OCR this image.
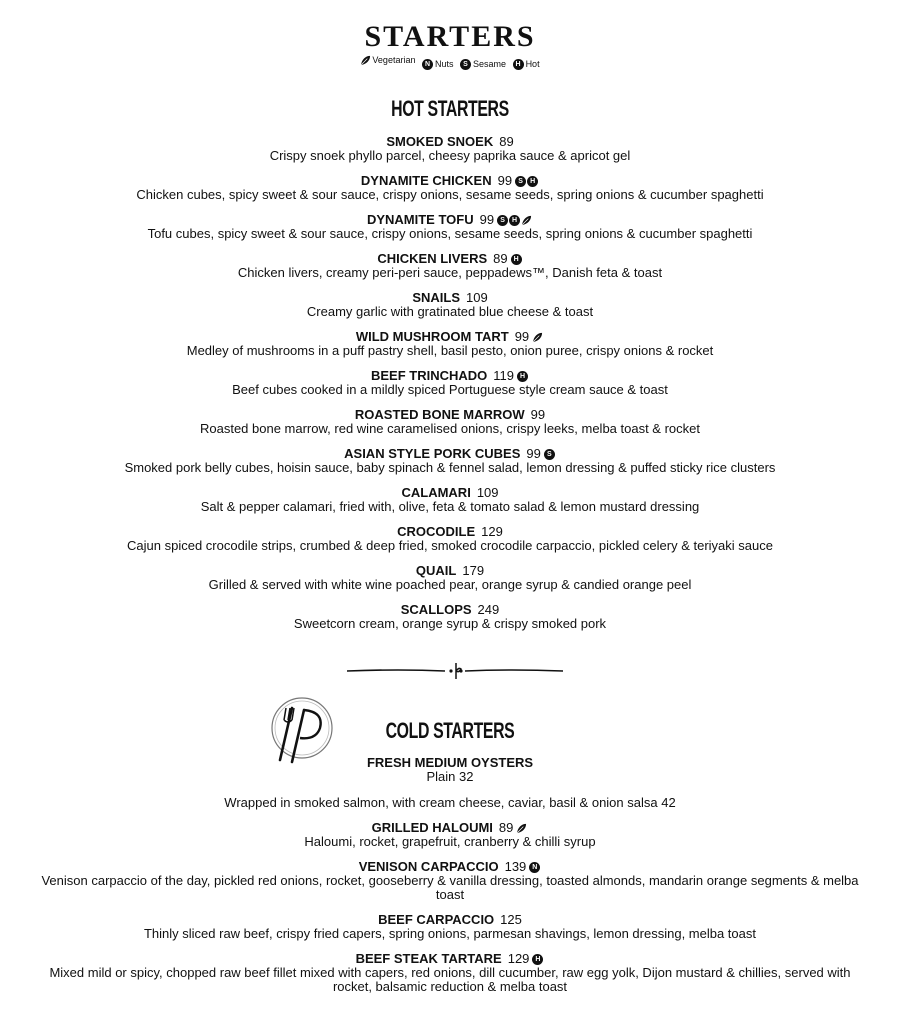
STARTERS
Vegetarian
	N Nuts
	S Sesame
	H Hot
HOT STARTERS
SMOKED SNOEK 89
Crispy snoek phyllo parcel, cheesy paprika sauce & apricot gel
DYNAMITE CHICKEN 99 S	H
Chicken cubes, spicy sweet & sour sauce, crispy onions, sesame seeds, spring onions & cucumber spaghetti
DYNAMITE TOFU 99 S	H
Tofu cubes, spicy sweet & sour sauce, crispy onions, sesame seeds, spring onions & cucumber spaghetti
CHICKEN LIVERS 89 H
Chicken livers, creamy peri-peri sauce, peppadews™, Danish feta & toast
SNAILS 109
Creamy garlic with gratinated blue cheese & toast
WILD MUSHROOM TART 99
Medley of mushrooms in a puff pastry shell, basil pesto, onion puree, crispy onions & rocket
BEEF TRINCHADO 119 H
Beef cubes cooked in a mildly spiced Portuguese style cream sauce & toast
ROASTED BONE MARROW 99
Roasted bone marrow, red wine caramelised onions, crispy leeks, melba toast & rocket
ASIAN STYLE PORK CUBES 99 S
Smoked pork belly cubes, hoisin sauce, baby spinach & fennel salad, lemon dressing & puffed sticky rice clusters
CALAMARI 109
Salt & pepper calamari, fried with, olive, feta & tomato salad & lemon mustard dressing
CROCODILE 129
Cajun spiced crocodile strips, crumbed & deep fried, smoked crocodile carpaccio, pickled celery & teriyaki sauce
QUAIL 179
Grilled & served with white wine poached pear, orange syrup & candied orange peel
SCALLOPS 249
Sweetcorn cream, orange syrup & crispy smoked pork
COLD STARTERS
FRESH MEDIUM OYSTERS
Plain 32
Wrapped in smoked salmon, with cream cheese, caviar, basil & onion salsa 42
GRILLED HALOUMI 89
Haloumi, rocket, grapefruit, cranberry & chilli syrup
VENISON CARPACCIO 139 N
Venison carpaccio of the day, pickled red onions, rocket, gooseberry & vanilla dressing, toasted almonds, mandarin orange segments & melba toast
BEEF CARPACCIO 125
Thinly sliced raw beef, crispy fried capers, spring onions, parmesan shavings, lemon dressing, melba toast
BEEF STEAK TARTARE 129 H
Mixed mild or spicy, chopped raw beef fillet mixed with capers, red onions, dill cucumber, raw egg yolk, Dijon mustard & chillies, served with rocket, balsamic reduction & melba toast
